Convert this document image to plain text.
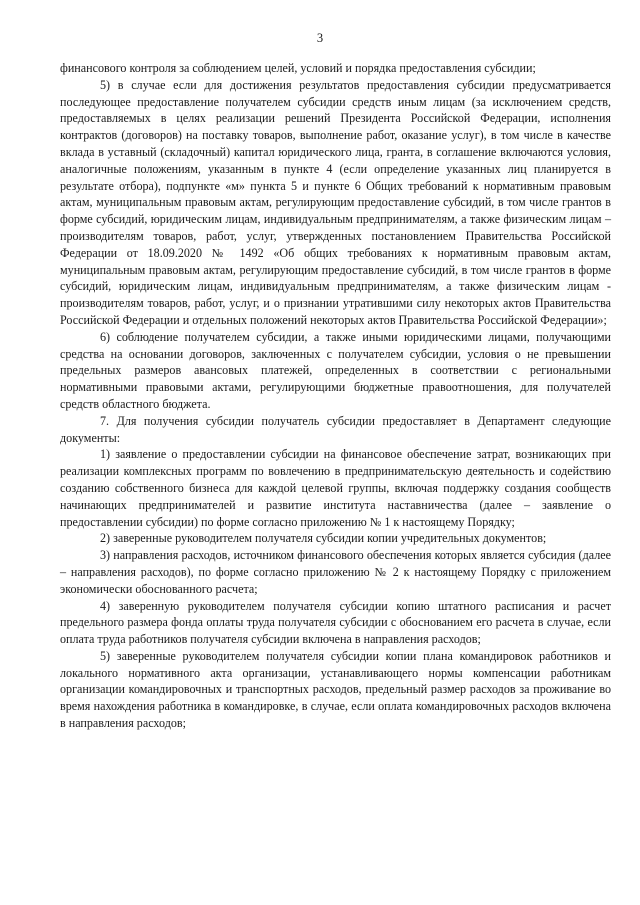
3

финансового контроля за соблюдением целей, условий и порядка предоставления субсидии;

5) в случае если для достижения результатов предоставления субсидии предусматривается последующее предоставление получателем субсидии средств иным лицам (за исключением средств, предоставляемых в целях реализации решений Президента Российской Федерации, исполнения контрактов (договоров) на поставку товаров, выполнение работ, оказание услуг), в том числе в качестве вклада в уставный (складочный) капитал юридического лица, гранта, в соглашение включаются условия, аналогичные положениям, указанным в пункте 4 (если определение указанных лиц планируется в результате отбора), подпункте «м» пункта 5 и пункте 6 Общих требований к нормативным правовым актам, муниципальным правовым актам, регулирующим предоставление субсидий, в том числе грантов в форме субсидий, юридическим лицам, индивидуальным предпринимателям, а также физическим лицам – производителям товаров, работ, услуг, утвержденных постановлением Правительства Российской Федерации от 18.09.2020 № 1492 «Об общих требованиях к нормативным правовым актам, муниципальным правовым актам, регулирующим предоставление субсидий, в том числе грантов в форме субсидий, юридическим лицам, индивидуальным предпринимателям, а также физическим лицам - производителям товаров, работ, услуг, и о признании утратившими силу некоторых актов Правительства Российской Федерации и отдельных положений некоторых актов Правительства Российской Федерации»;

6) соблюдение получателем субсидии, а также иными юридическими лицами, получающими средства на основании договоров, заключенных с получателем субсидии, условия о не превышении предельных размеров авансовых платежей, определенных в соответствии с региональными нормативными правовыми актами, регулирующими бюджетные правоотношения, для получателей средств областного бюджета.

7. Для получения субсидии получатель субсидии предоставляет в Департамент следующие документы:

1) заявление о предоставлении субсидии на финансовое обеспечение затрат, возникающих при реализации комплексных программ по вовлечению в предпринимательскую деятельность и содействию созданию собственного бизнеса для каждой целевой группы, включая поддержку создания сообществ начинающих предпринимателей и развитие института наставничества (далее – заявление о предоставлении субсидии) по форме согласно приложению № 1 к настоящему Порядку;

2) заверенные руководителем получателя субсидии копии учредительных документов;

3) направления расходов, источником финансового обеспечения которых является субсидия (далее – направления расходов), по форме согласно приложению № 2 к настоящему Порядку с приложением экономически обоснованного расчета;

4) заверенную руководителем получателя субсидии копию штатного расписания и расчет предельного размера фонда оплаты труда получателя субсидии с обоснованием его расчета в случае, если оплата труда работников получателя субсидии включена в направления расходов;

5) заверенные руководителем получателя субсидии копии плана командировок работников и локального нормативного акта организации, устанавливающего нормы компенсации работникам организации командировочных и транспортных расходов, предельный размер расходов за проживание во время нахождения работника в командировке, в случае, если оплата командировочных расходов включена в направления расходов;
